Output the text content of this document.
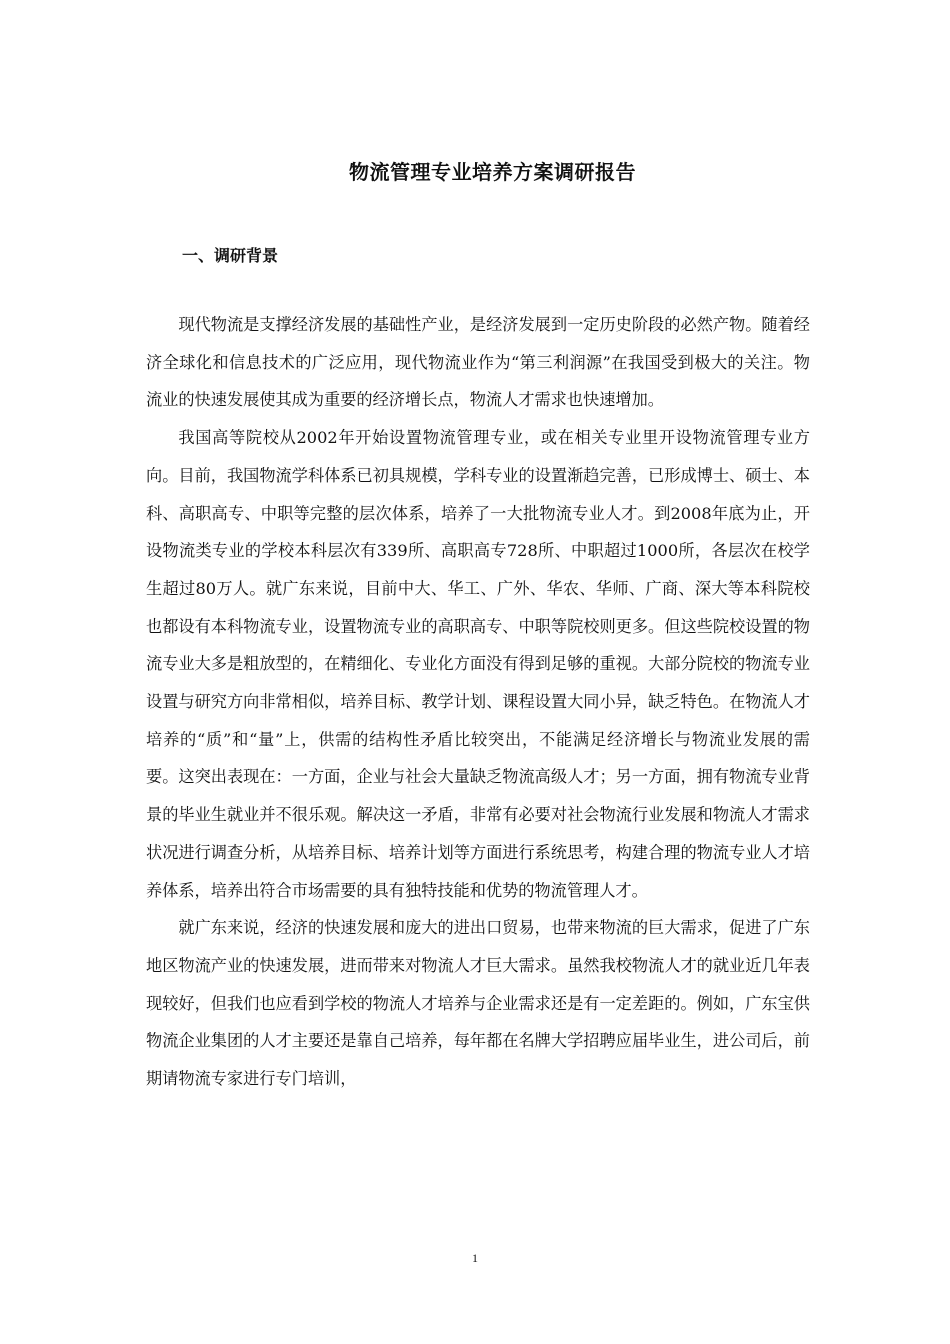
物流管理专业培养方案调研报告
一、调研背景

现代物流是支撑经济发展的基础性产业，是经济发展到一定历史阶段的必然产物。随着经济全球化和信息技术的广泛应用，现代物流业作为“第三利润源”在我国受到极大的关注。物流业的快速发展使其成为重要的经济增长点，物流人才需求也快速增加。

我国高等院校从2002年开始设置物流管理专业，或在相关专业里开设物流管理专业方向。目前，我国物流学科体系已初具规模，学科专业的设置渐趋完善，已形成博士、硕士、本科、高职高专、中职等完整的层次体系，培养了一大批物流专业人才。到2008年底为止，开设物流类专业的学校本科层次有339所、高职高专728所、中职超过1000所，各层次在校学生超过80万人。就广东来说，目前中大、华工、广外、华农、华师、广商、深大等本科院校也都设有本科物流专业，设置物流专业的高职高专、中职等院校则更多。但这些院校设置的物流专业大多是粗放型的，在精细化、专业化方面没有得到足够的重视。大部分院校的物流专业设置与研究方向非常相似，培养目标、教学计划、课程设置大同小异，缺乏特色。在物流人才培养的“质”和“量”上，供需的结构性矛盾比较突出，不能满足经济增长与物流业发展的需要。这突出表现在：一方面，企业与社会大量缺乏物流高级人才；另一方面，拥有物流专业背景的毕业生就业并不很乐观。解决这一矛盾，非常有必要对社会物流行业发展和物流人才需求状况进行调查分析，从培养目标、培养计划等方面进行系统思考，构建合理的物流专业人才培养体系，培养出符合市场需要的具有独特技能和优势的物流管理人才。

就广东来说，经济的快速发展和庞大的进出口贸易，也带来物流的巨大需求，促进了广东地区物流产业的快速发展，进而带来对物流人才巨大需求。虽然我校物流人才的就业近几年表现较好，但我们也应看到学校的物流人才培养与企业需求还是有一定差距的。例如，广东宝供物流企业集团的人才主要还是靠自己培养，每年都在名牌大学招聘应届毕业生，进公司后，前期请物流专家进行专门培训，

1
